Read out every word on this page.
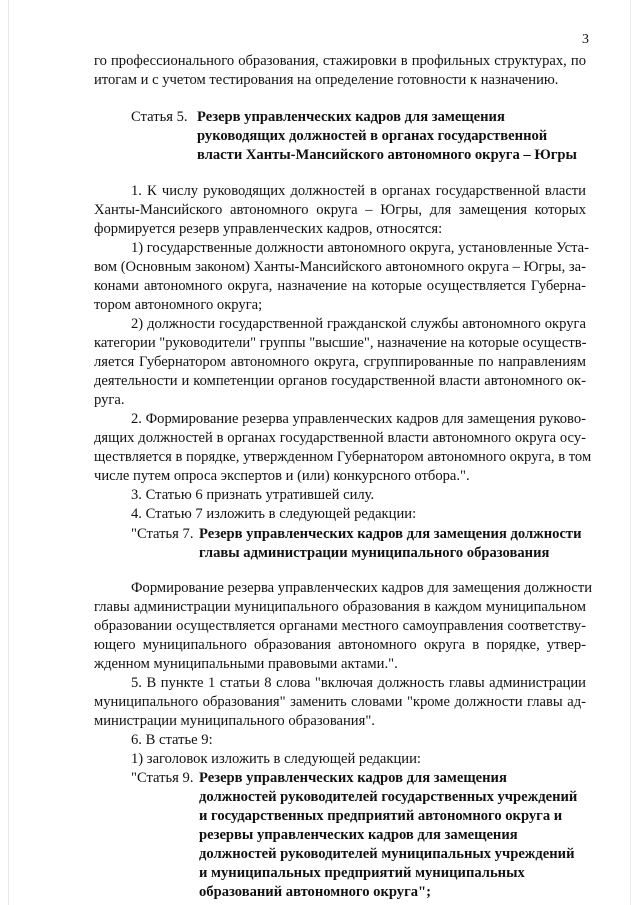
3

го профессионального образования, стажировки в профильных структурах, по

итогам и с учетом тестирования на определение готовности к назначению.

Статья 5. Резерв управленческих кадров для замещения

руководящих должностей в органах государственной

власти Ханты-Мансийского автономного округа – Югры

1. К числу руководящих должностей в органах государственной власти

Ханты-Мансийского автономного округа – Югры, для замещения которых

формируется резерв управленческих кадров, относятся:

1) государственные должности автономного округа, установленные Уста-

вом (Основным законом) Ханты-Мансийского автономного округа – Югры, за-

конами автономного округа, назначение на которые осуществляется Губерна-

тором автономного округа;

2) должности государственной гражданской службы автономного округа

категории "руководители" группы "высшие", назначение на которые осуществ-

ляется Губернатором автономного округа, сгруппированные по направлениям

деятельности и компетенции органов государственной власти автономного ок-

руга.

2. Формирование резерва управленческих кадров для замещения руково-

дящих должностей в органах государственной власти автономного округа осу-

ществляется в порядке, утвержденном Губернатором автономного округа, в том

числе путем опроса экспертов и (или) конкурсного отбора.".

3. Статью 6 признать утратившей силу.

4. Статью 7 изложить в следующей редакции:

"Статья 7. Резерв управленческих кадров для замещения должности

главы администрации муниципального образования

Формирование резерва управленческих кадров для замещения должности

главы администрации муниципального образования в каждом муниципальном

образовании осуществляется органами местного самоуправления соответству-

ющего муниципального образования автономного округа в порядке, утвер-

жденном муниципальными правовыми актами.".

5. В пункте 1 статьи 8 слова "включая должность главы администрации

муниципального образования" заменить словами "кроме должности главы ад-

министрации муниципального образования".

6. В статье 9:

1) заголовок изложить в следующей редакции:

"Статья 9. Резерв управленческих кадров для замещения

должностей руководителей государственных учреждений

и государственных предприятий автономного округа и

резервы управленческих кадров для замещения

должностей руководителей муниципальных учреждений

и муниципальных предприятий муниципальных

образований автономного округа";
